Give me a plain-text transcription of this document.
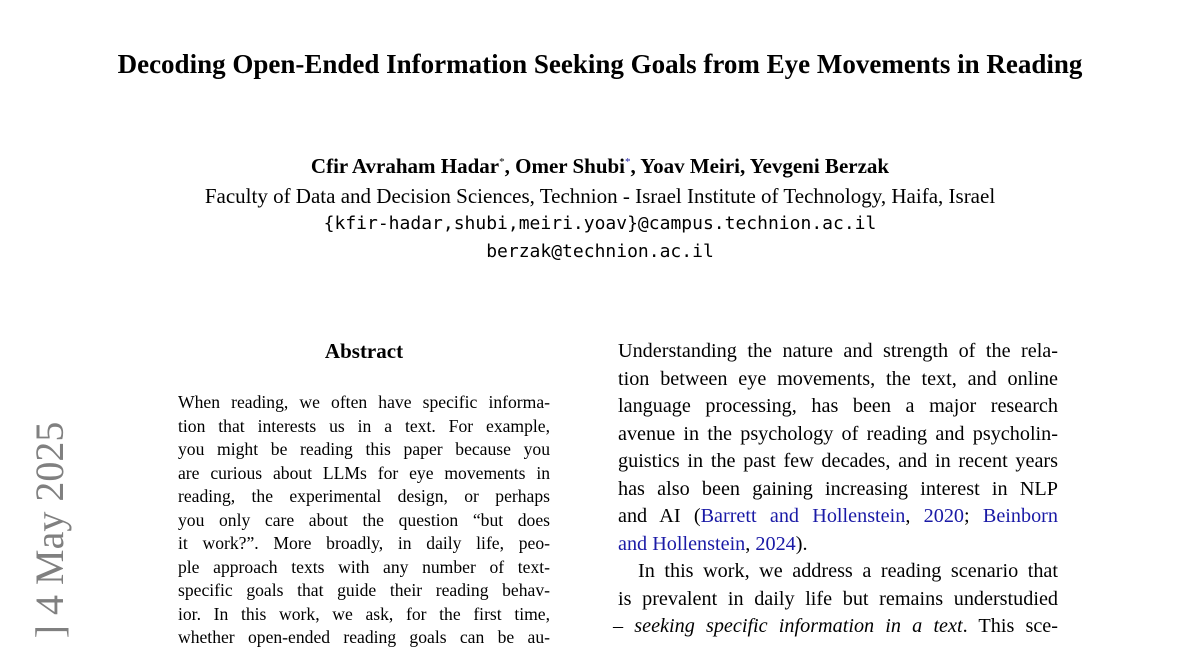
Decoding Open-Ended Information Seeking Goals from Eye Movements in Reading
Cfir Avraham Hadar*, Omer Shubi*, Yoav Meiri, Yevgeni Berzak
Faculty of Data and Decision Sciences, Technion - Israel Institute of Technology, Haifa, Israel
{kfir-hadar,shubi,meiri.yoav}@campus.technion.ac.il
berzak@technion.ac.il
Abstract
When reading, we often have specific informa-
tion that interests us in a text. For example,
you might be reading this paper because you
are curious about LLMs for eye movements in
reading, the experimental design, or perhaps
you only care about the question “but does
it work?”. More broadly, in daily life, peo-
ple approach texts with any number of text-
specific goals that guide their reading behav-
ior. In this work, we ask, for the first time,
whether open-ended reading goals can be au-
Understanding the nature and strength of the rela-
tion between eye movements, the text, and online
language processing, has been a major research
avenue in the psychology of reading and psycholin-
guistics in the past few decades, and in recent years
has also been gaining increasing interest in NLP
and AI (Barrett and Hollenstein, 2020; Beinborn
and Hollenstein, 2024).
In this work, we address a reading scenario that
is prevalent in daily life but remains understudied
– seeking specific information in a text. This sce-
] 4 May 2025
